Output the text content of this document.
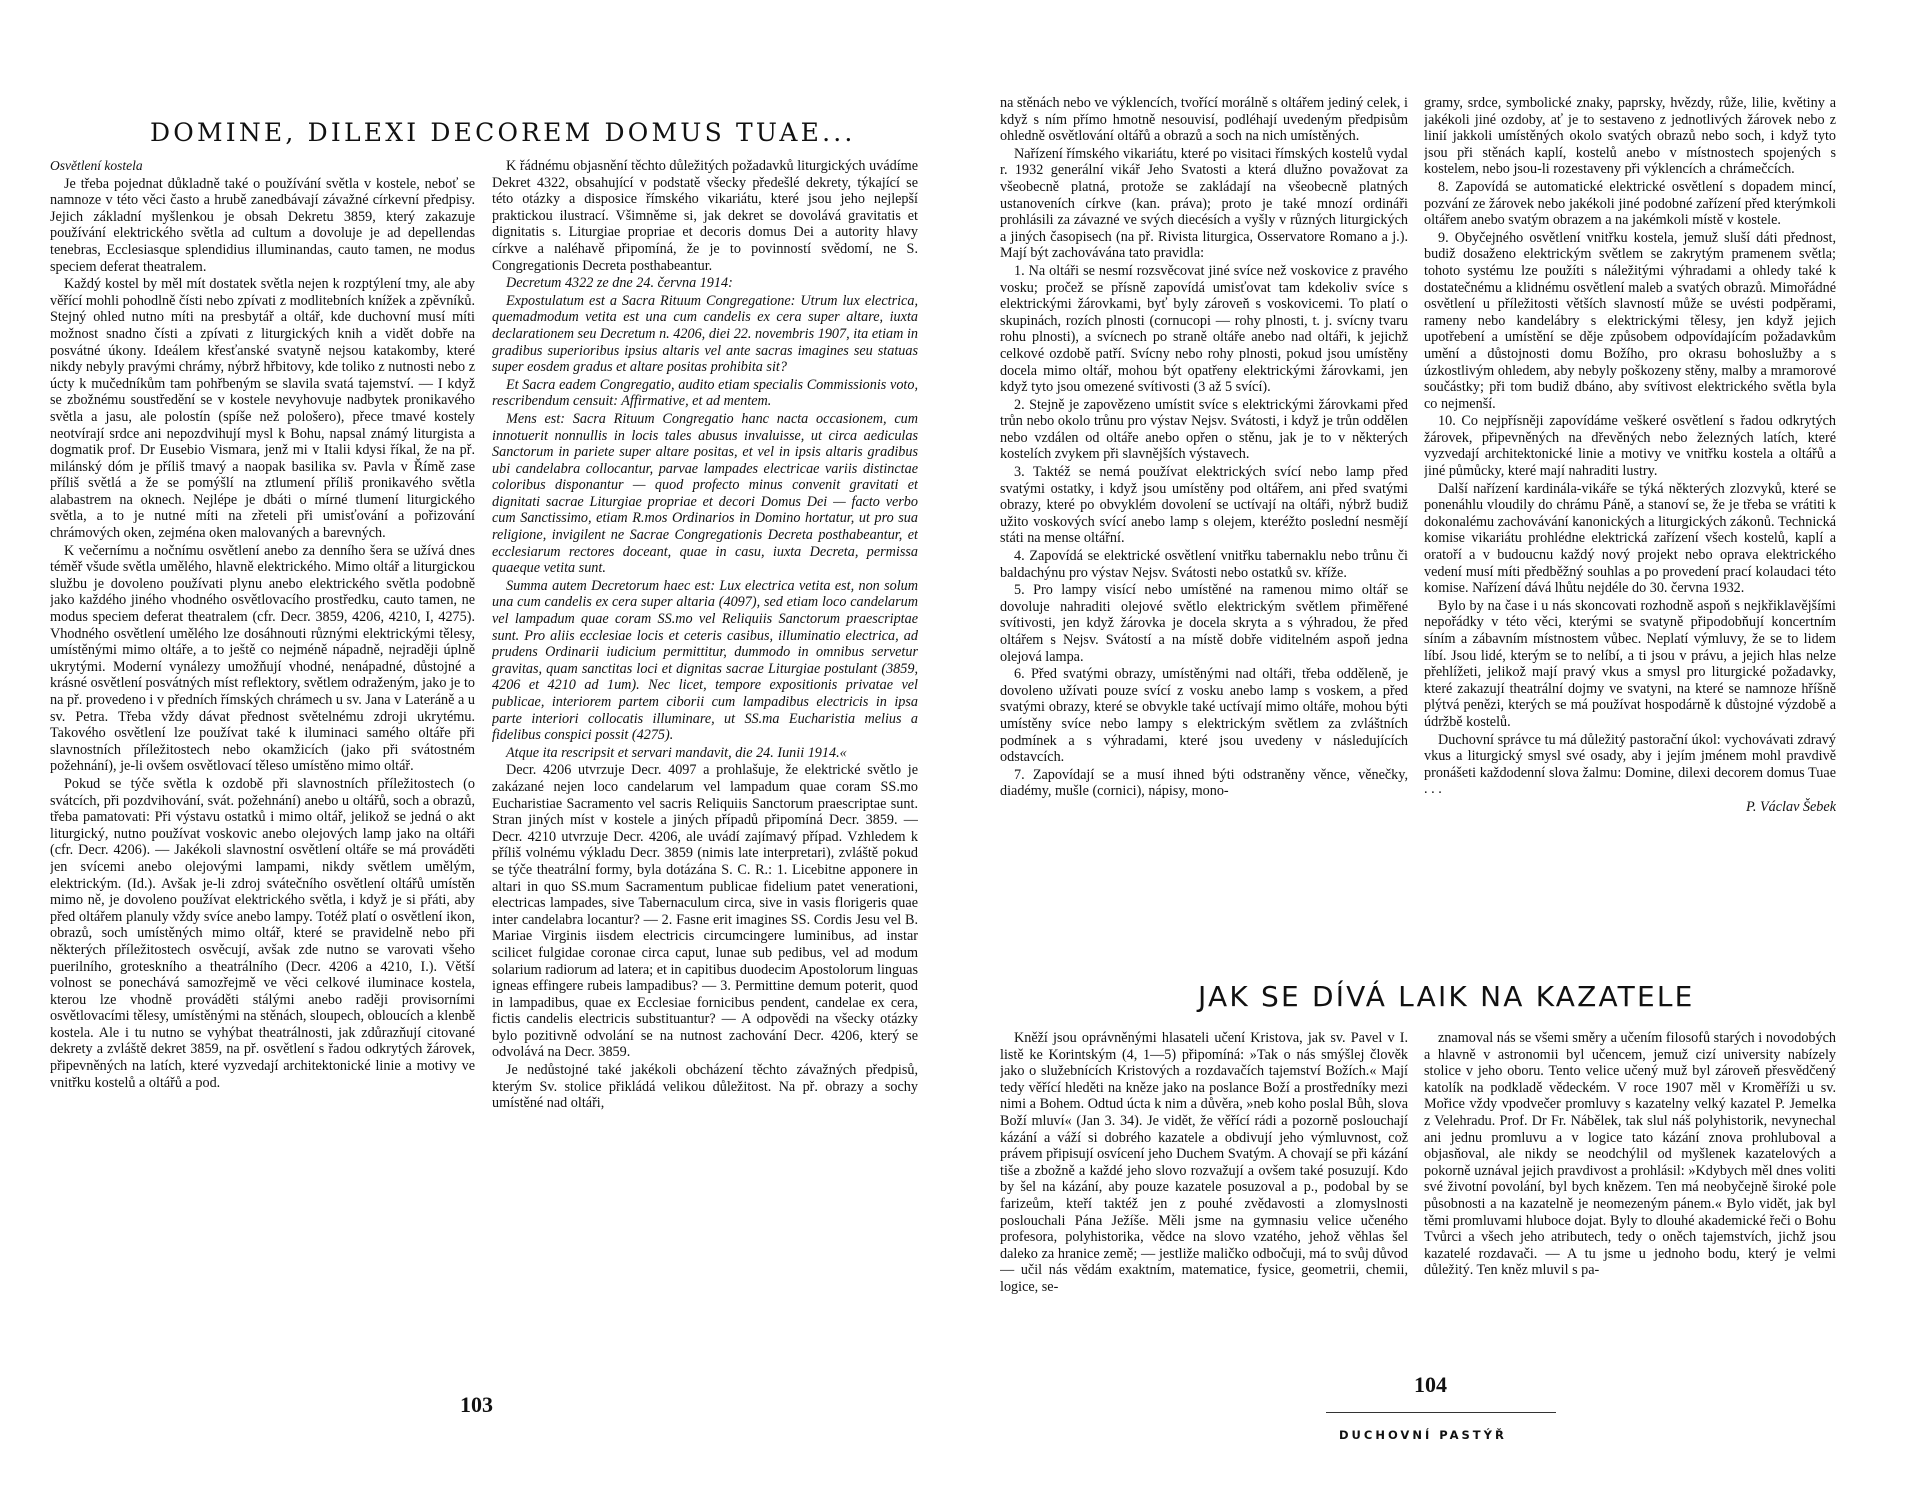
DOMINE, DILEXI DECOREM DOMUS TUAE...

Osvětlení kostela

Je třeba pojednat důkladně také o používání světla v kostele, neboť se namnoze v této věci často a hrubě zanedbávají závažné církevní předpisy. Jejich základní myšlenkou je obsah Dekretu 3859, který zakazuje používání elektrického světla ad cultum a dovoluje je ad depellendas tenebras, Ecclesiasque splendidius illuminandas, cauto tamen, ne modus speciem deferat theatralem.

Každý kostel by měl mít dostatek světla nejen k rozptýlení tmy, ale aby věřící mohli pohodlně čísti nebo zpívati z modlitebních knížek a zpěvníků. Stejný ohled nutno míti na presbytář a oltář, kde duchovní musí míti možnost snadno čísti a zpívati z liturgických knih a vidět dobře na posvátné úkony. Ideálem křesťanské svatyně nejsou katakomby, které nikdy nebyly pravými chrámy, nýbrž hřbitovy, kde toliko z nutnosti nebo z úcty k mučedníkům tam pohřbeným se slavila svatá tajemství. — I když se zbožnému soustředění se v kostele nevyhovuje nadbytek pronikavého světla a jasu, ale polostín (spíše než pološero), přece tmavé kostely neotvírají srdce ani nepozdvihují mysl k Bohu, napsal známý liturgista a dogmatik prof. Dr Eusebio Vismara, jenž mi v Italii kdysi říkal, že na př. milánský dóm je příliš tmavý a naopak basilika sv. Pavla v Římě zase příliš světlá a že se pomýšlí na ztlumení příliš pronikavého světla alabastrem na oknech. Nejlépe je dbáti o mírné tlumení liturgického světla, a to je nutné míti na zřeteli při umisťování a pořizování chrámových oken, zejména oken malovaných a barevných.

K večernímu a nočnímu osvětlení anebo za denního šera se užívá dnes téměř všude světla umělého, hlavně elektrického. Mimo oltář a liturgickou službu je dovoleno používati plynu anebo elektrického světla podobně jako každého jiného vhodného osvětlovacího prostředku, cauto tamen, ne modus speciem deferat theatralem (cfr. Decr. 3859, 4206, 4210, I, 4275). Vhodného osvětlení umělého lze dosáhnouti různými elektrickými tělesy, umístěnými mimo oltáře, a to ještě co nejméně nápadně, nejraději úplně ukrytými. Moderní vynálezy umožňují vhodné, nenápadné, důstojné a krásné osvětlení posvátných míst reflektory, světlem odraženým, jako je to na př. provedeno i v předních římských chrámech u sv. Jana v Lateráně a u sv. Petra. Třeba vždy dávat přednost světelnému zdroji ukrytému. Takového osvětlení lze používat také k iluminaci samého oltáře při slavnostních příležitostech nebo okamžicích (jako při svátostném požehnání), je-li ovšem osvětlovací těleso umístěno mimo oltář.

Pokud se týče světla k ozdobě při slavnostních příležitostech (o svátcích, při pozdvihování, svát. požehnání) anebo u oltářů, soch a obrazů, třeba pamatovati: Při výstavu ostatků i mimo oltář, jelikož se jedná o akt liturgický, nutno používat voskovic anebo olejových lamp jako na oltáři (cfr. Decr. 4206). — Jakékoli slavnostní osvětlení oltáře se má prováděti jen svícemi anebo olejovými lampami, nikdy světlem umělým, elektrickým. (Id.). Avšak je-li zdroj svátečního osvětlení oltářů umístěn mimo ně, je dovoleno používat elektrického světla, i když je si přáti, aby před oltářem planuly vždy svíce anebo lampy. Totéž platí o osvětlení ikon, obrazů, soch umístěných mimo oltář, které se pravidelně nebo při některých příležitostech osvěcují, avšak zde nutno se varovati všeho puerilního, groteskního a theatrálního (Decr. 4206 a 4210, I.). Větší volnost se ponechává samozřejmě ve věci celkové iluminace kostela, kterou lze vhodně prováděti stálými anebo raději provisorními osvětlovacími tělesy, umístěnými na stěnách, sloupech, obloucích a klenbě kostela. Ale i tu nutno se vyhýbat theatrálnosti, jak zdůrazňují citované dekrety a zvláště dekret 3859, na př. osvětlení s řadou odkrytých žárovek, připevněných na latích, které vyzvedají architektonické linie a motivy ve vnitřku kostelů a oltářů a pod.

K řádnému objasnění těchto důležitých požadavků liturgických uvádíme Dekret 4322, obsahující v podstatě všecky předešlé dekrety, týkající se této otázky a disposice římského vikariátu, které jsou jeho nejlepší praktickou ilustrací. Všimněme si, jak dekret se dovolává gravitatis et dignitatis s. Liturgiae propriae et decoris domus Dei a autority hlavy církve a naléhavě připomíná, že je to povinností svědomí, ne S. Congregationis Decreta posthabeantur.

Decretum 4322 ze dne 24. června 1914:

Expostulatum est a Sacra Rituum Congregatione: Utrum lux electrica, quemadmodum vetita est una cum candelis ex cera super altare, iuxta declarationem seu Decretum n. 4206, diei 22. novembris 1907, ita etiam in gradibus superioribus ipsius altaris vel ante sacras imagines seu statuas super eosdem gradus et altare positas prohibita sit?

Et Sacra eadem Congregatio, audito etiam specialis Commissionis voto, rescribendum censuit: Affirmative, et ad mentem.

Mens est: Sacra Rituum Congregatio hanc nacta occasionem, cum innotuerit nonnullis in locis tales abusus invaluisse, ut circa aediculas Sanctorum in pariete super altare positas, et vel in ipsis altaris gradibus ubi candelabra collocantur, parvae lampades electricae variis distinctae coloribus disponantur — quod profecto minus convenit gravitati et dignitati sacrae Liturgiae propriae et decori Domus Dei — facto verbo cum Sanctissimo, etiam R.mos Ordinarios in Domino hortatur, ut pro sua religione, invigilent ne Sacrae Congregationis Decreta posthabeantur, et ecclesiarum rectores doceant, quae in casu, iuxta Decreta, permissa quaeque vetita sunt.

Summa autem Decretorum haec est: Lux electrica vetita est, non solum una cum candelis ex cera super altaria (4097), sed etiam loco candelarum vel lampadum quae coram SS.mo vel Reliquiis Sanctorum praescriptae sunt. Pro aliis ecclesiae locis et ceteris casibus, illuminatio electrica, ad prudens Ordinarii iudicium permittitur, dummodo in omnibus servetur gravitas, quam sanctitas loci et dignitas sacrae Liturgiae postulant (3859, 4206 et 4210 ad 1um). Nec licet, tempore expositionis privatae vel publicae, interiorem partem ciborii cum lampadibus electricis in ipsa parte interiori collocatis illuminare, ut SS.ma Eucharistia melius a fidelibus conspici possit (4275).

Atque ita rescripsit et servari mandavit, die 24. Iunii 1914.«

Decr. 4206 utvrzuje Decr. 4097 a prohlašuje, že elektrické světlo je zakázané nejen loco candelarum vel lampadum quae coram SS.mo Eucharistiae Sacramento vel sacris Reliquiis Sanctorum praescriptae sunt. Stran jiných míst v kostele a jiných případů připomíná Decr. 3859. — Decr. 4210 utvrzuje Decr. 4206, ale uvádí zajímavý případ. Vzhledem k příliš volnému výkladu Decr. 3859 (nimis late interpretari), zvláště pokud se týče theatrální formy, byla dotázána S. C. R.: 1. Licebitne apponere in altari in quo SS.mum Sacramentum publicae fidelium patet venerationi, electricas lampades, sive Tabernaculum circa, sive in vasis florigeris quae inter candelabra locantur? — 2. Fasne erit imagines SS. Cordis Jesu vel B. Mariae Virginis iisdem electricis circumcingere luminibus, ad instar scilicet fulgidae coronae circa caput, lunae sub pedibus, vel ad modum solarium radiorum ad latera; et in capitibus duodecim Apostolorum linguas igneas effingere rubeis lampadibus? — 3. Permittine demum poterit, quod in lampadibus, quae ex Ecclesiae fornicibus pendent, candelae ex cera, fictis candelis electricis substituantur? — A odpovědi na všecky otázky bylo pozitivně odvolání se na nutnost zachování Decr. 4206, který se odvolává na Decr. 3859.

Je nedůstojné také jakékoli obcházení těchto závažných předpisů, kterým Sv. stolice přikládá velikou důležitost. Na př. obrazy a sochy umístěné nad oltáři,

103

na stěnách nebo ve výklencích, tvořící morálně s oltářem jediný celek, i když s ním přímo hmotně nesouvisí, podléhají uvedeným předpisům ohledně osvětlování oltářů a obrazů a soch na nich umístěných.

Nařízení římského vikariátu, které po visitaci římských kostelů vydal r. 1932 generální vikář Jeho Svatosti a která dlužno považovat za všeobecně platná, protože se zakládají na všeobecně platných ustanoveních církve (kan. práva); proto je také mnozí ordináři prohlásili za závazné ve svých diecésích a vyšly v různých liturgických a jiných časopisech (na př. Rivista liturgica, Osservatore Romano a j.). Mají být zachovávána tato pravidla:

1. Na oltáři se nesmí rozsvěcovat jiné svíce než voskovice z pravého vosku; pročež se přísně zapovídá umisťovat tam kdekoliv svíce s elektrickými žárovkami, byť byly zároveň s voskovicemi. To platí o skupinách, rozích plnosti (cornucopi — rohy plnosti, t. j. svícny tvaru rohu plnosti), a svícnech po straně oltáře anebo nad oltáři, k jejichž celkové ozdobě patří. Svícny nebo rohy plnosti, pokud jsou umístěny docela mimo oltář, mohou být opatřeny elektrickými žárovkami, jen když tyto jsou omezené svítivosti (3 až 5 svící).

2. Stejně je zapovězeno umístit svíce s elektrickými žárovkami před trůn nebo okolo trůnu pro výstav Nejsv. Svátosti, i když je trůn oddělen nebo vzdálen od oltáře anebo opřen o stěnu, jak je to v některých kostelích zvykem při slavnějších výstavech.

3. Taktéž se nemá používat elektrických svící nebo lamp před svatými ostatky, i když jsou umístěny pod oltářem, ani před svatými obrazy, které po obvyklém dovolení se uctívají na oltáři, nýbrž budiž užito voskových svící anebo lamp s olejem, kteréžto poslední nesmějí státi na mense oltářní.

4. Zapovídá se elektrické osvětlení vnitřku tabernaklu nebo trůnu či baldachýnu pro výstav Nejsv. Svátosti nebo ostatků sv. kříže.

5. Pro lampy visící nebo umístěné na ramenou mimo oltář se dovoluje nahraditi olejové světlo elektrickým světlem přiměřené svítivosti, jen když žárovka je docela skryta a s výhradou, že před oltářem s Nejsv. Svátostí a na místě dobře viditelném aspoň jedna olejová lampa.

6. Před svatými obrazy, umístěnými nad oltáři, třeba odděleně, je dovoleno užívati pouze svící z vosku anebo lamp s voskem, a před svatými obrazy, které se obvykle také uctívají mimo oltáře, mohou býti umístěny svíce nebo lampy s elektrickým světlem za zvláštních podmínek a s výhradami, které jsou uvedeny v následujících odstavcích.

7. Zapovídají se a musí ihned býti odstraněny věnce, věnečky, diadémy, mušle (cornici), nápisy, mono-

gramy, srdce, symbolické znaky, paprsky, hvězdy, růže, lilie, květiny a jakékoli jiné ozdoby, ať je to sestaveno z jednotlivých žárovek nebo z linií jakkoli umístěných okolo svatých obrazů nebo soch, i když tyto jsou při stěnách kaplí, kostelů anebo v místnostech spojených s kostelem, nebo jsou-li rozestaveny při výklencích a chrámečcích.

8. Zapovídá se automatické elektrické osvětlení s dopadem mincí, pozvání ze žárovek nebo jakékoli jiné podobné zařízení před kterýmkoli oltářem anebo svatým obrazem a na jakémkoli místě v kostele.

9. Obyčejného osvětlení vnitřku kostela, jemuž sluší dáti přednost, budiž dosaženo elektrickým světlem se zakrytým pramenem světla; tohoto systému lze použíti s náležitými výhradami a ohledy také k dostatečnému a klidnému osvětlení maleb a svatých obrazů. Mimořádné osvětlení u příležitosti větších slavností může se uvésti podpěrami, rameny nebo kandelábry s elektrickými tělesy, jen když jejich upotřebení a umístění se děje způsobem odpovídajícím požadavkům umění a důstojnosti domu Božího, pro okrasu bohoslužby a s úzkostlivým ohledem, aby nebyly poškozeny stěny, malby a mramorové součástky; při tom budiž dbáno, aby svítivost elektrického světla byla co nejmenší.

10. Co nejpřísněji zapovídáme veškeré osvětlení s řadou odkrytých žárovek, připevněných na dřevěných nebo železných latích, které vyzvedají architektonické linie a motivy ve vnitřku kostela a oltářů a jiné půmůcky, které mají nahraditi lustry.

Další nařízení kardinála-vikáře se týká některých zlozvyků, které se ponenáhlu vloudily do chrámu Páně, a stanoví se, že je třeba se vrátiti k dokonalému zachovávání kanonických a liturgických zákonů. Technická komise vikariátu prohlédne elektrická zařízení všech kostelů, kaplí a oratoří a v budoucnu každý nový projekt nebo oprava elektrického vedení musí míti předběžný souhlas a po provedení prací kolaudaci této komise. Nařízení dává lhůtu nejdéle do 30. června 1932.

Bylo by na čase i u nás skoncovati rozhodně aspoň s nejkřiklavějšími nepořádky v této věci, kterými se svatyně připodobňují koncertním síním a zábavním místnostem vůbec. Neplatí výmluvy, že se to lidem líbí. Jsou lidé, kterým se to nelíbí, a ti jsou v právu, a jejich hlas nelze přehlížeti, jelikož mají pravý vkus a smysl pro liturgické požadavky, které zakazují theatrální dojmy ve svatyni, na které se namnoze hříšně plýtvá penězi, kterých se má používat hospodárně k důstojné výzdobě a údržbě kostelů.

Duchovní správce tu má důležitý pastorační úkol: vychovávati zdravý vkus a liturgický smysl své osady, aby i jejím jménem mohl pravdivě pronášeti každodenní slova žalmu: Domine, dilexi decorem domus Tuae . . .

P. Václav Šebek

JAK SE DÍVÁ LAIK NA KAZATELE

Kněží jsou oprávněnými hlasateli učení Kristova, jak sv. Pavel v I. listě ke Korintským (4, 1—5) připomíná: »Tak o nás smýšlej člověk jako o služebnících Kristových a rozdavačích tajemství Božích.« Mají tedy věřící hleděti na kněze jako na poslance Boží a prostředníky mezi nimi a Bohem. Odtud úcta k nim a důvěra, »neb koho poslal Bůh, slova Boží mluví« (Jan 3. 34). Je vidět, že věřící rádi a pozorně poslouchají kázání a váží si dobrého kazatele a obdivují jeho výmluvnost, což právem připisují osvícení jeho Duchem Svatým. A chovají se při kázání tiše a zbožně a každé jeho slovo rozvažují a ovšem také posuzují. Kdo by šel na kázání, aby pouze kazatele posuzoval a p., podobal by se farizeům, kteří taktéž jen z pouhé zvědavosti a zlomyslnosti poslouchali Pána Ježíše. Měli jsme na gymnasiu velice učeného profesora, polyhistorika, vědce na slovo vzatého, jehož věhlas šel daleko za hranice země; — jestliže maličko odbočuji, má to svůj důvod — učil nás vědám exaktním, matematice, fysice, geometrii, chemii, logice, se-

znamoval nás se všemi směry a učením filosofů starých i novodobých a hlavně v astronomii byl učencem, jemuž cizí university nabízely stolice v jeho oboru. Tento velice učený muž byl zároveň přesvědčený katolík na podkladě vědeckém. V roce 1907 měl v Kroměříži u sv. Mořice vždy vpodvečer promluvy s kazatelny velký kazatel P. Jemelka z Velehradu. Prof. Dr Fr. Nábělek, tak slul náš polyhistorik, nevynechal ani jednu promluvu a v logice tato kázání znova prohluboval a objasňoval, ale nikdy se neodchýlil od myšlenek kazatelových a pokorně uznával jejich pravdivost a prohlásil: »Kdybych měl dnes voliti své životní povolání, byl bych knězem. Ten má neobyčejně široké pole působnosti a na kazatelně je neomezeným pánem.« Bylo vidět, jak byl těmi promluvami hluboce dojat. Byly to dlouhé akademické řeči o Bohu Tvůrci a všech jeho atributech, tedy o oněch tajemstvích, jichž jsou kazatelé rozdavači. — A tu jsme u jednoho bodu, který je velmi důležitý. Ten kněz mluvil s pa-

104
DUCHOVNÍ PASTÝŘ
